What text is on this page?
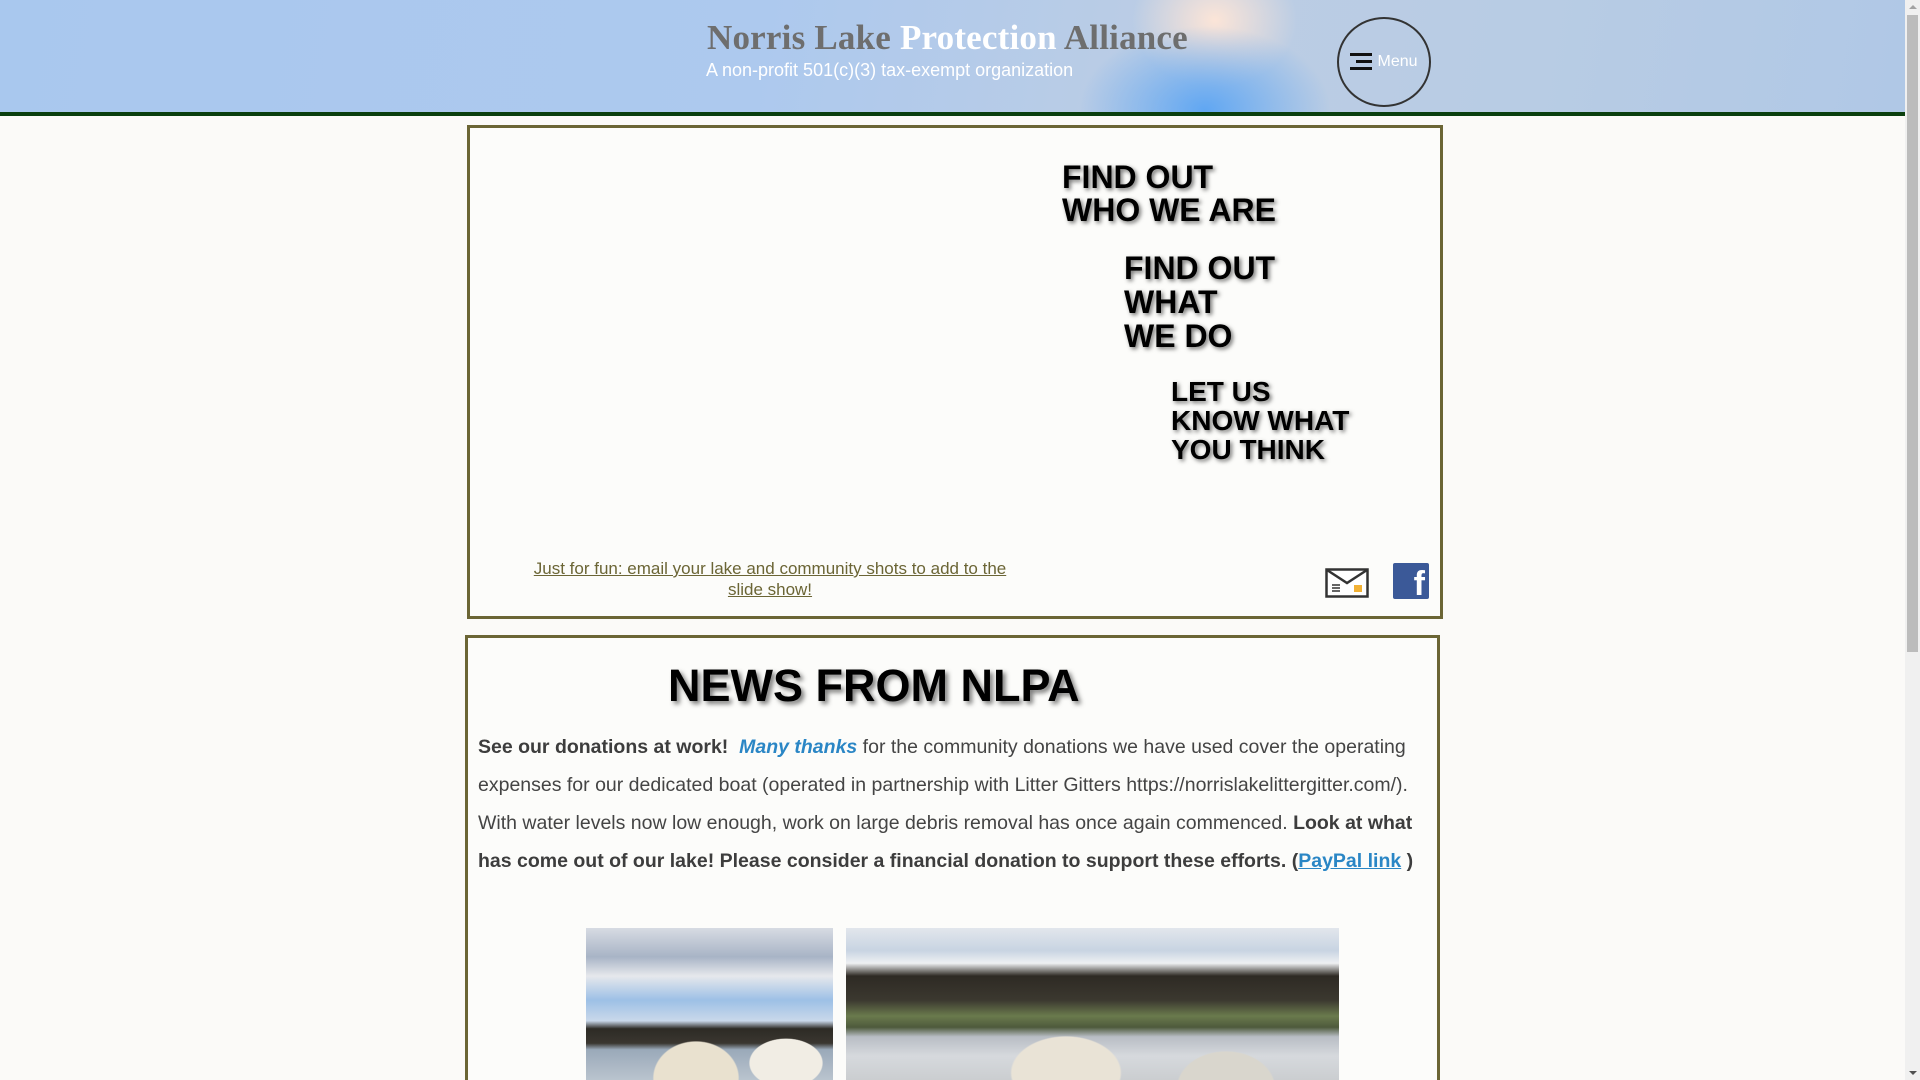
Norris Lake Protection Alliance
A non-profit 501(c)(3) tax-exempt organization	Menu
FIND OUT
WHO WE ARE
FIND OUT
WHAT
WE DO
LET US
KNOW WHAT
YOU THINK
Just for fun: email your lake and community shots to add to the slide show!	f
NEWS FROM NLPA

See our donations at work! Many thanks for the community donations we have used cover the operating expenses for our dedicated boat (operated in partnership with Litter Gitters https://norrislakelittergitter.com/). With water levels now low enough, work on large debris removal has once again commenced. Look at what has come out of our lake! Please consider a financial donation to support these efforts. (PayPal link )
